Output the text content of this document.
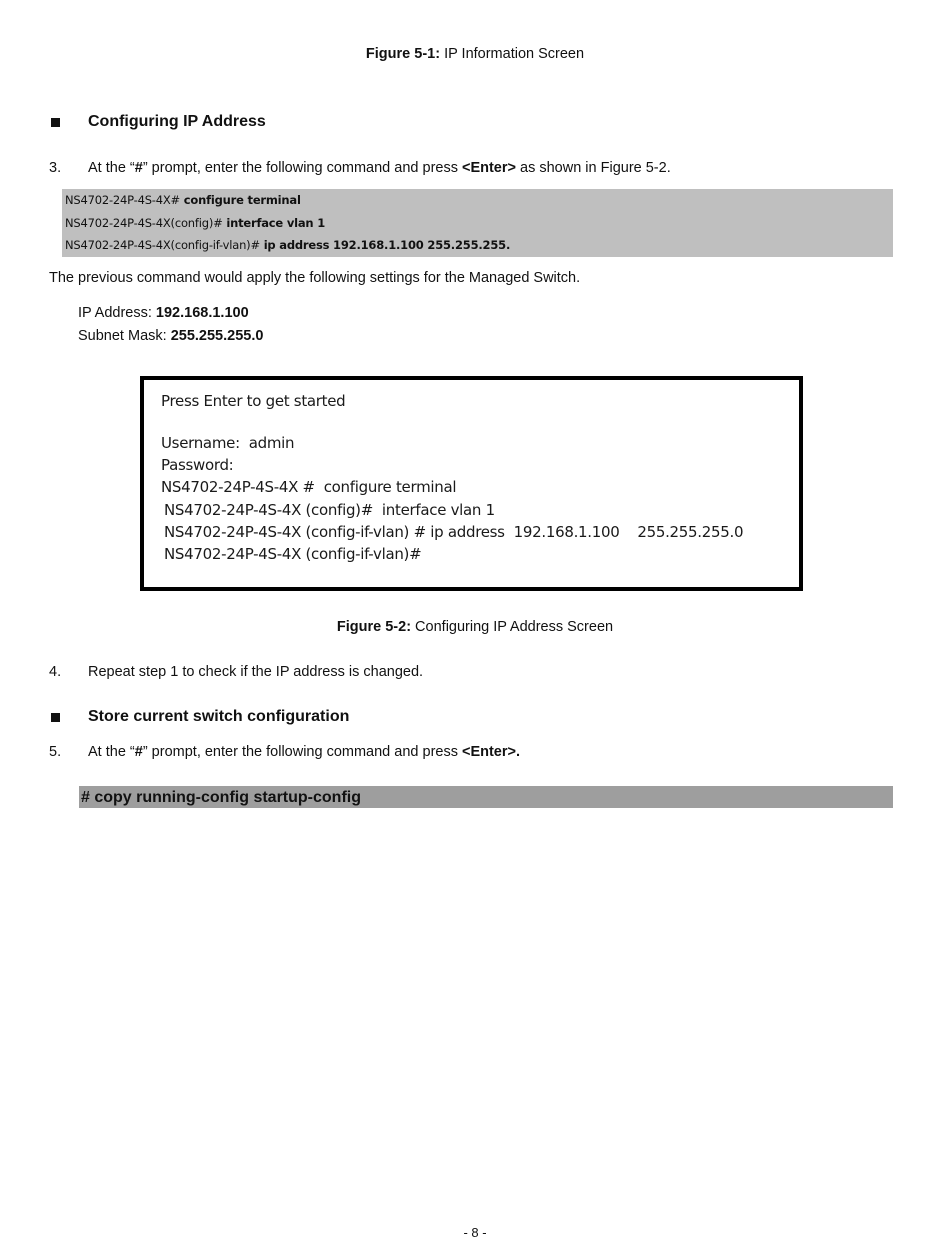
Figure 5-1: IP Information Screen
Configuring IP Address
3. At the “#” prompt, enter the following command and press <Enter> as shown in Figure 5-2.
NS4702-24P-4S-4X# configure terminal
NS4702-24P-4S-4X(config)# interface vlan 1
NS4702-24P-4S-4X(config-if-vlan)# ip address 192.168.1.100 255.255.255.
The previous command would apply the following settings for the Managed Switch.
IP Address: 192.168.1.100
Subnet Mask: 255.255.255.0
Press Enter to get started
Username:  admin
Password:
NS4702-24P-4S-4X #  configure terminal
NS4702-24P-4S-4X (config)#  interface vlan 1
NS4702-24P-4S-4X (config-if-vlan) # ip address  192.168.1.100    255.255.255.0
NS4702-24P-4S-4X (config-if-vlan)#
Figure 5-2: Configuring IP Address Screen
4. Repeat step 1 to check if the IP address is changed.
Store current switch configuration
5. At the “#” prompt, enter the following command and press <Enter>.
# copy running-config startup-config
- 8 -
